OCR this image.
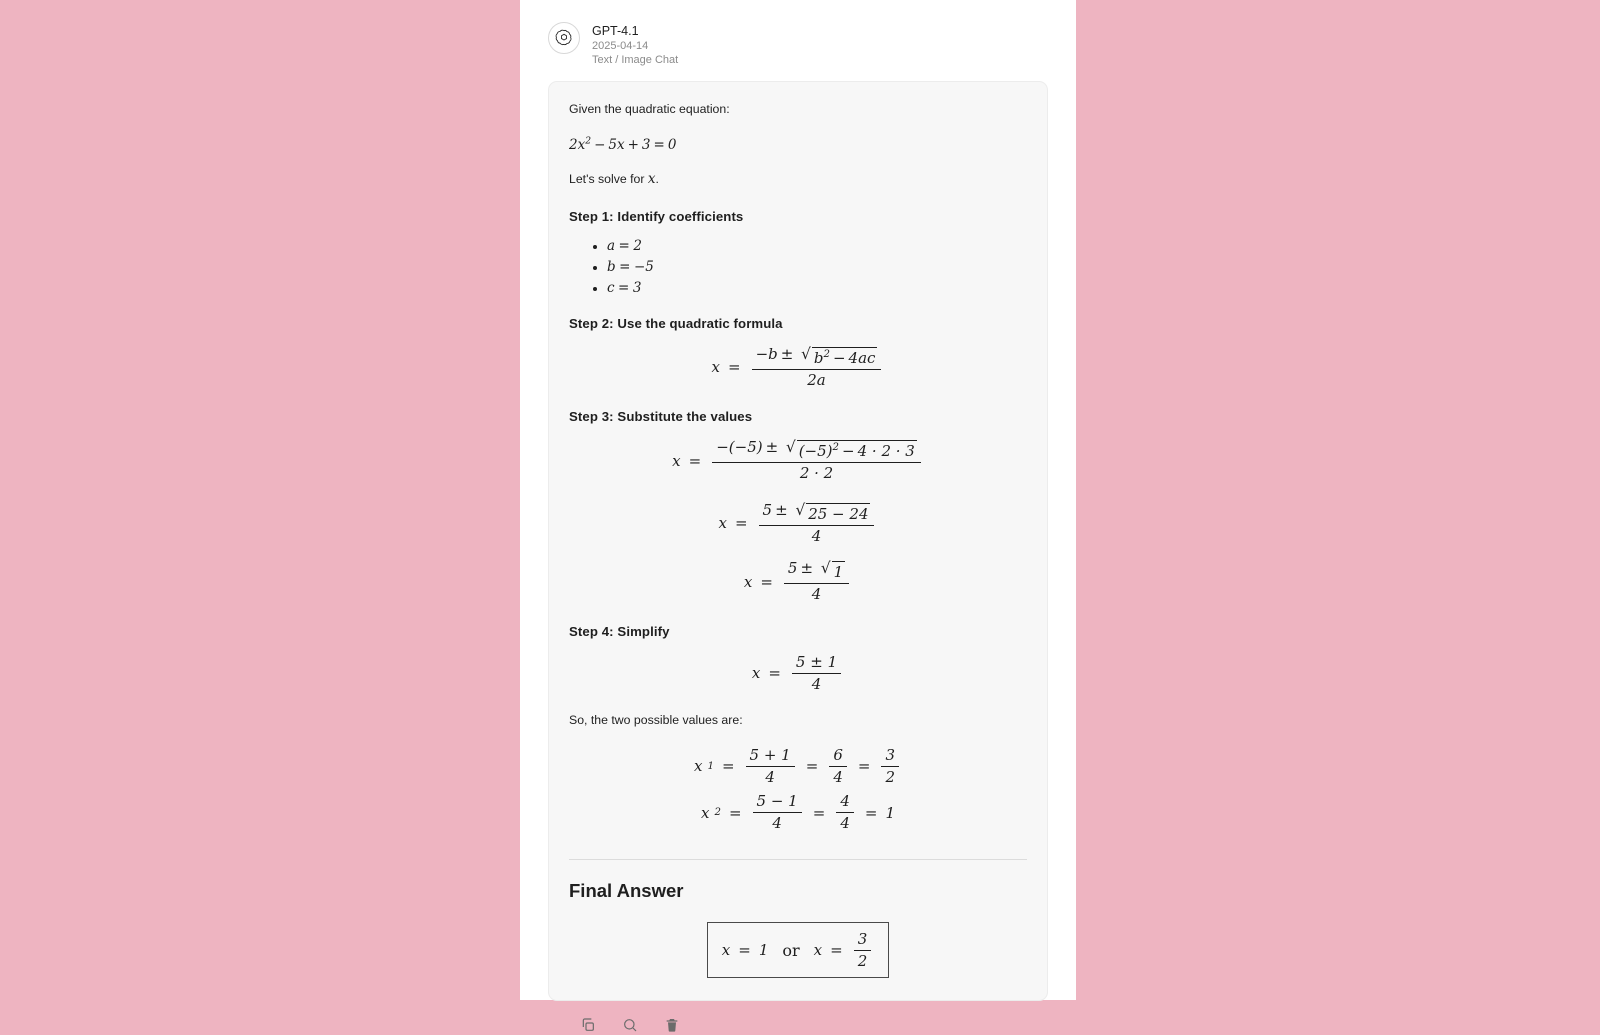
GPT-4.1
2025-04-14
Text / Image Chat

Given the quadratic equation:

$2x^2 - 5x + 3 = 0$

Let's solve for x.

Step 1: Identify coefficients
• a = 2
• b = −5
• c = 3
Step 2: Use the quadratic formula
$x = \frac{-b \pm √ b^2 - 4ac}{2a}$
Step 3: Substitute the values
$x = \frac{-(-5) \pm √ (-5)^2 - 4 \cdot 2 \cdot 3}{2 \cdot 2}$
$x = \frac{5 \pm √ 25 - 24}{4}$
$x = \frac{5 \pm √ 1}{4}$
Step 4: Simplify
$x = \frac{5 \pm 1}{4}$

So, the two possible values are:

x $1 = \frac{5 + 1}{4} = \frac{6}{4} = \frac{3}{2}$
x $2 = \frac{5 - 1}{4} = \frac{4}{4} = 1$
Final Answer
x = 1 or $x = \frac{3}{2}$
